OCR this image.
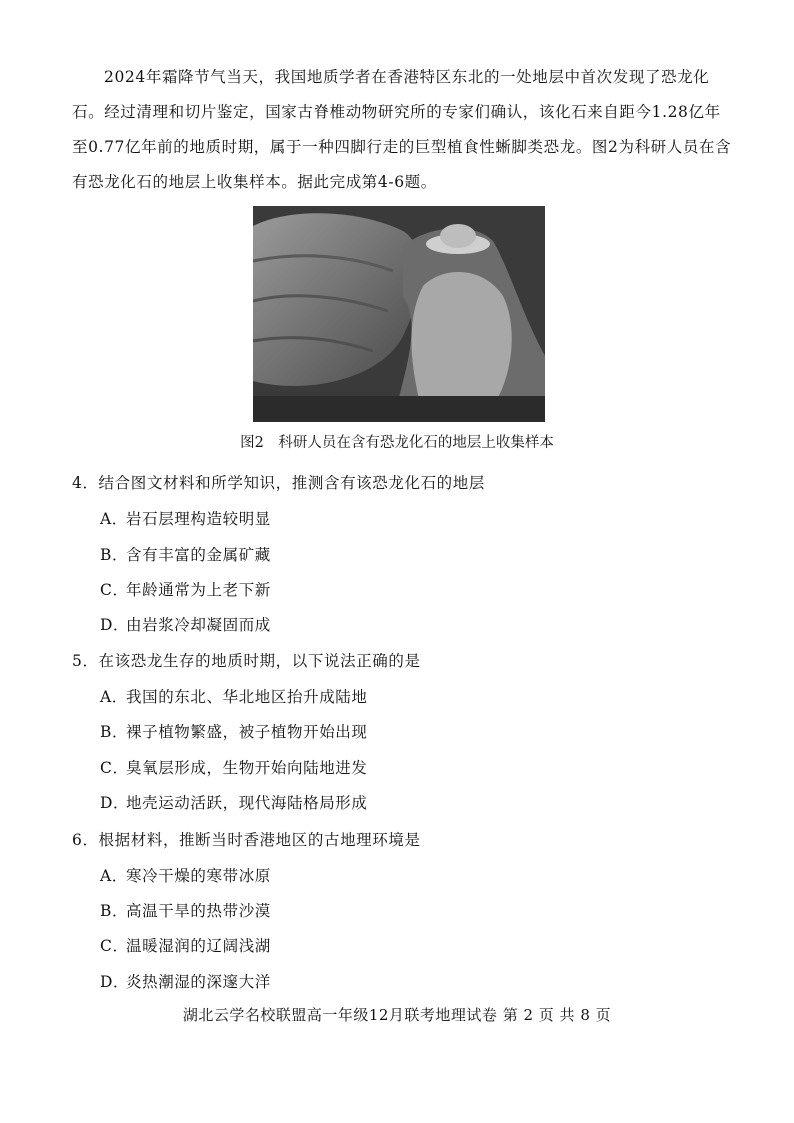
2024年霜降节气当天，我国地质学者在香港特区东北的一处地层中首次发现了恐龙化石。经过清理和切片鉴定，国家古脊椎动物研究所的专家们确认，该化石来自距今1.28亿年至0.77亿年前的地质时期，属于一种四脚行走的巨型植食性蜥脚类恐龙。图2为科研人员在含有恐龙化石的地层上收集样本。据此完成第4-6题。
图2　科研人员在含有恐龙化石的地层上收集样本
4．结合图文材料和所学知识，推测含有该恐龙化石的地层
A．岩石层理构造较明显
B．含有丰富的金属矿藏
C．年龄通常为上老下新
D．由岩浆冷却凝固而成
5．在该恐龙生存的地质时期，以下说法正确的是
A．我国的东北、华北地区抬升成陆地
B．裸子植物繁盛，被子植物开始出现
C．臭氧层形成，生物开始向陆地进发
D．地壳运动活跃，现代海陆格局形成
6．根据材料，推断当时香港地区的古地理环境是
A．寒冷干燥的寒带冰原
B．高温干旱的热带沙漠
C．温暖湿润的辽阔浅湖
D．炎热潮湿的深邃大洋
湖北云学名校联盟高一年级12月联考地理试卷 第 2 页 共 8 页
